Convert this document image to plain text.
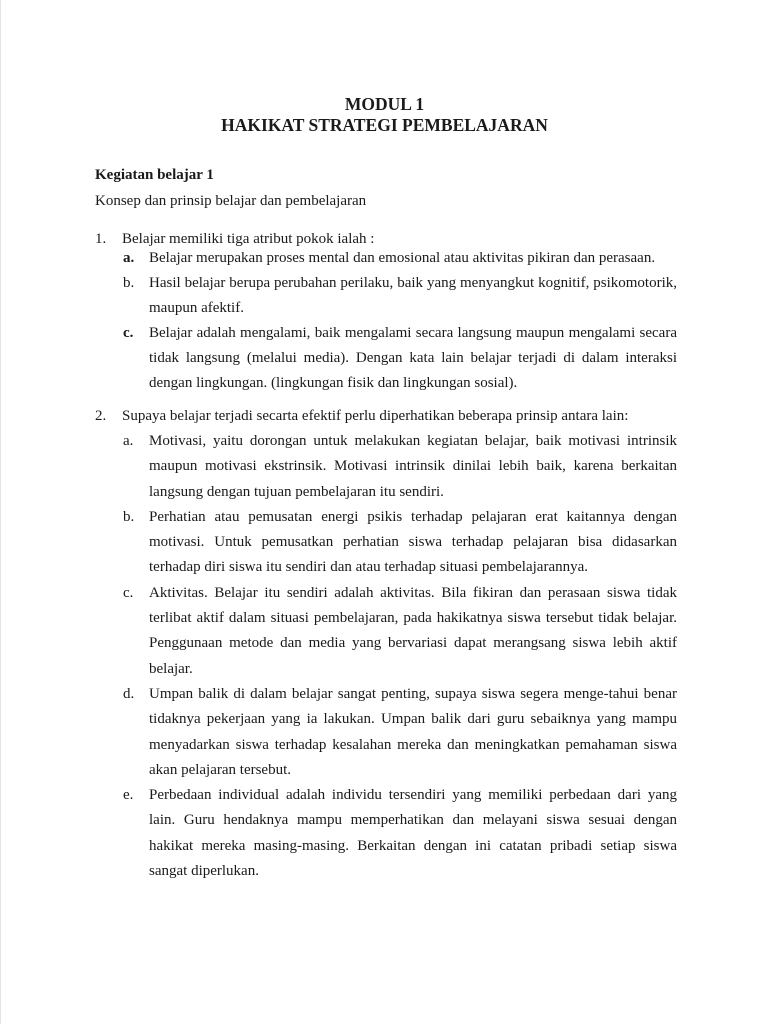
MODUL 1
HAKIKAT STRATEGI PEMBELAJARAN
Kegiatan belajar 1
Konsep dan prinsip belajar dan pembelajaran
1. Belajar memiliki tiga atribut pokok ialah :
a. Belajar merupakan proses mental dan emosional atau aktivitas pikiran dan perasaan.
b. Hasil belajar berupa perubahan perilaku, baik yang menyangkut kognitif, psikomotorik, maupun afektif.
c. Belajar adalah mengalami, baik mengalami secara langsung maupun mengalami secara tidak langsung (melalui media). Dengan kata lain belajar terjadi di dalam interaksi dengan lingkungan. (lingkungan fisik dan lingkungan sosial).
2. Supaya belajar terjadi secarta efektif perlu diperhatikan beberapa prinsip antara lain:
a. Motivasi, yaitu dorongan untuk melakukan kegiatan belajar, baik motivasi intrinsik maupun motivasi ekstrinsik. Motivasi intrinsik dinilai lebih baik, karena berkaitan langsung dengan tujuan pembelajaran itu sendiri.
b. Perhatian atau pemusatan energi psikis terhadap pelajaran erat kaitannya dengan motivasi. Untuk pemusatkan perhatian siswa terhadap pelajaran bisa didasarkan terhadap diri siswa itu sendiri dan atau terhadap situasi pembelajarannya.
c. Aktivitas. Belajar itu sendiri adalah aktivitas. Bila fikiran dan perasaan siswa tidak terlibat aktif dalam situasi pembelajaran, pada hakikatnya siswa tersebut tidak belajar. Penggunaan metode dan media yang bervariasi dapat merangsang siswa lebih aktif belajar.
d. Umpan balik di dalam belajar sangat penting, supaya siswa segera menge-tahui benar tidaknya pekerjaan yang ia lakukan. Umpan balik dari guru sebaiknya yang mampu menyadarkan siswa terhadap kesalahan mereka dan meningkatkan pemahaman siswa akan pelajaran tersebut.
e. Perbedaan individual adalah individu tersendiri yang memiliki perbedaan dari yang lain. Guru hendaknya mampu memperhatikan dan melayani siswa sesuai dengan hakikat mereka masing-masing. Berkaitan dengan ini catatan pribadi setiap siswa sangat diperlukan.
